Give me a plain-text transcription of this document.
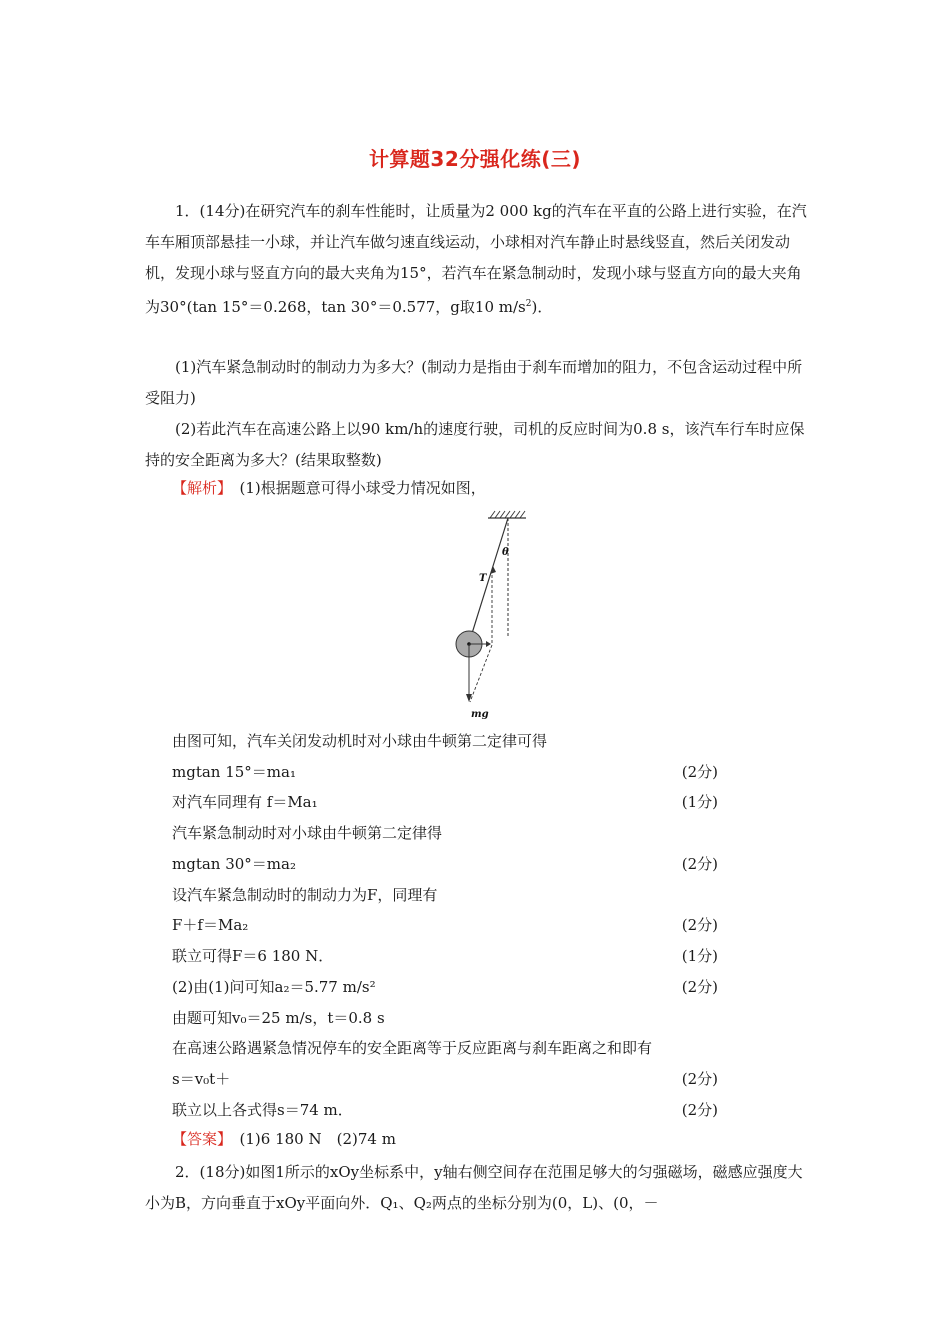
计算题32分强化练(三)
1．(14分)在研究汽车的刹车性能时，让质量为2 000 kg的汽车在平直的公路上进行实验，在汽车车厢顶部悬挂一小球，并让汽车做匀速直线运动，小球相对汽车静止时悬线竖直，然后关闭发动机，发现小球与竖直方向的最大夹角为15°，若汽车在紧急制动时，发现小球与竖直方向的最大夹角为30°(tan 15°＝0.268，tan 30°＝0.577，g取10 $m/s^2$)．
(1)汽车紧急制动时的制动力为多大？(制动力是指由于刹车而增加的阻力，不包含运动过程中所受阻力)
(2)若此汽车在高速公路上以90 km/h的速度行驶，司机的反应时间为0.8 s，该汽车行车时应保持的安全距离为多大？(结果取整数)
【解析】　 (1)根据题意可得小球受力情况如图，
θ
T
mg
由图可知，汽车关闭发动机时对小球由牛顿第二定律可得
mgtan 15°＝ma₁	(2分)
对汽车同理有 f＝Ma₁	(1分)
汽车紧急制动时对小球由牛顿第二定律得
mgtan 30°＝ma₂	(2分)
设汽车紧急制动时的制动力为F，同理有
F＋f＝Ma₂	(2分)
联立可得F＝6 180 N．	(1分)
(2)由(1)问可知a₂＝5.77 m/s²	(2分)
由题可知v₀＝25 m/s，t＝0.8 s
在高速公路遇紧急情况停车的安全距离等于反应距离与刹车距离之和即有
s＝v₀t＋	(2分)
联立以上各式得s＝74 m．	(2分)
【答案】　 (1)6 180 N　(2)74 m
2．(18分)如图1所示的xOy坐标系中，y轴右侧空间存在范围足够大的匀强磁场，磁感应强度大小为B，方向垂直于xOy平面向外．Q₁、Q₂两点的坐标分别为(0，L)、(0，－
